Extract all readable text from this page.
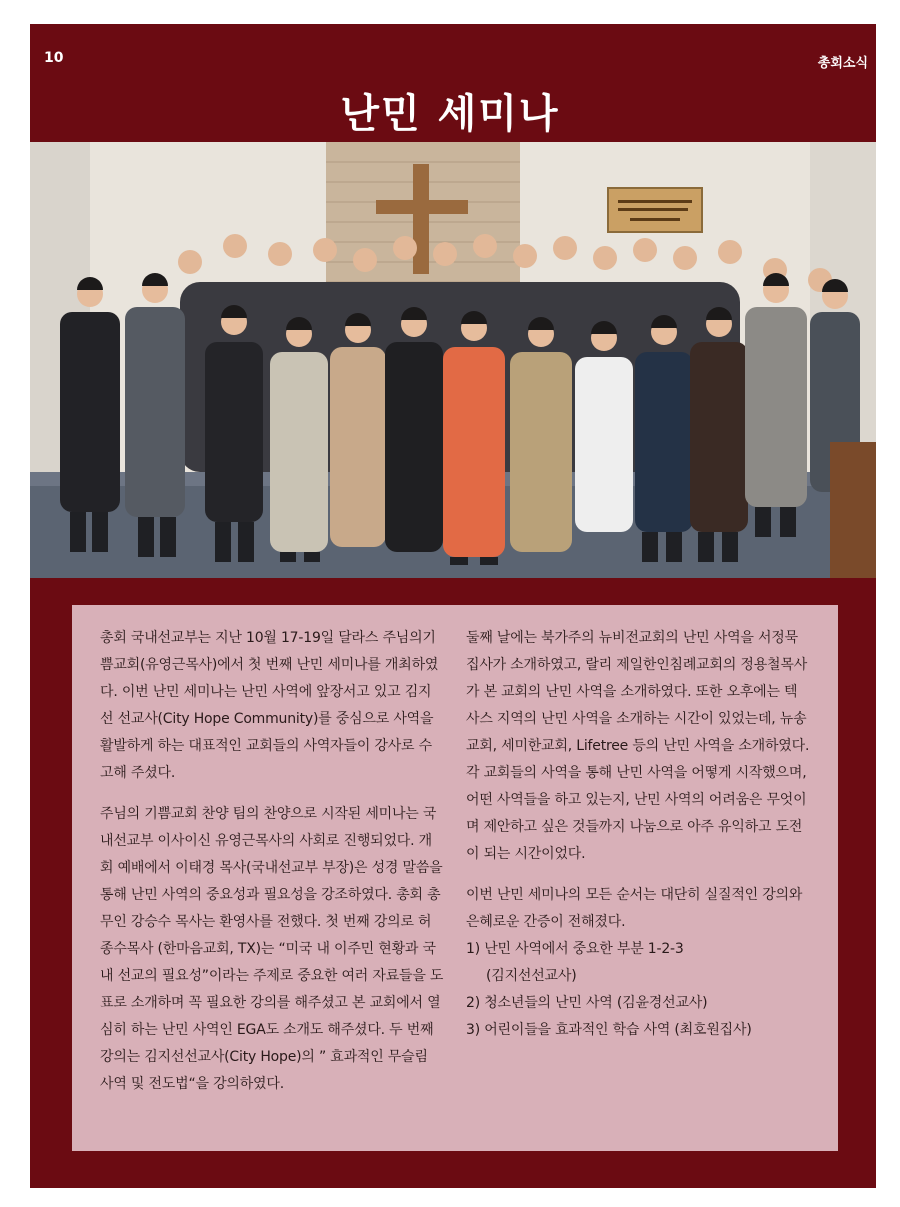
10	총회소식
난민 세미나

총회 국내선교부는 지난 10월 17-19일 달라스 주님의기쁨교회(유영근목사)에서 첫 번째 난민 세미나를 개최하였다. 이번 난민 세미나는 난민 사역에 앞장서고 있고 김지선 선교사(City Hope Community)를 중심으로 사역을 활발하게 하는 대표적인 교회들의 사역자들이 강사로 수고해 주셨다.

주님의 기쁨교회 찬양 팀의 찬양으로 시작된 세미나는 국내선교부 이사이신 유영근목사의 사회로 진행되었다. 개회 예배에서 이태경 목사(국내선교부 부장)은 성경 말씀을 통해 난민 사역의 중요성과 필요성을 강조하였다. 총회 총무인 강승수 목사는 환영사를 전했다. 첫 번째 강의로 허종수목사 (한마음교회, TX)는 “미국 내 이주민 현황과 국내 선교의 필요성”이라는 주제로 중요한 여러 자료들을 도표로 소개하며 꼭 필요한 강의를 해주셨고 본 교회에서 열심히 하는 난민 사역인 EGA도 소개도 해주셨다. 두 번째 강의는 김지선선교사(City Hope)의 ” 효과적인 무슬림 사역 및 전도법“을 강의하였다.

둘째 날에는 북가주의 뉴비전교회의 난민 사역을 서정묵집사가 소개하였고, 랄리 제일한인침례교회의 정용철목사가 본 교회의 난민 사역을 소개하였다. 또한 오후에는 텍사스 지역의 난민 사역을 소개하는 시간이 있었는데, 뉴송교회, 세미한교회, Lifetree 등의 난민 사역을 소개하였다. 각 교회들의 사역을 통해 난민 사역을 어떻게 시작했으며, 어떤 사역들을 하고 있는지, 난민 사역의 어려움은 무엇이며 제안하고 싶은 것들까지 나눔으로 아주 유익하고 도전이 되는 시간이었다.

이번 난민 세미나의 모든 순서는 대단히 실질적인 강의와 은혜로운 간증이 전해졌다.

1) 난민 사역에서 중요한 부분 1-2-3
(김지선선교사)
2) 청소년들의 난민 사역 (김윤경선교사)
3) 어린이들을 효과적인 학습 사역 (최호원집사)
